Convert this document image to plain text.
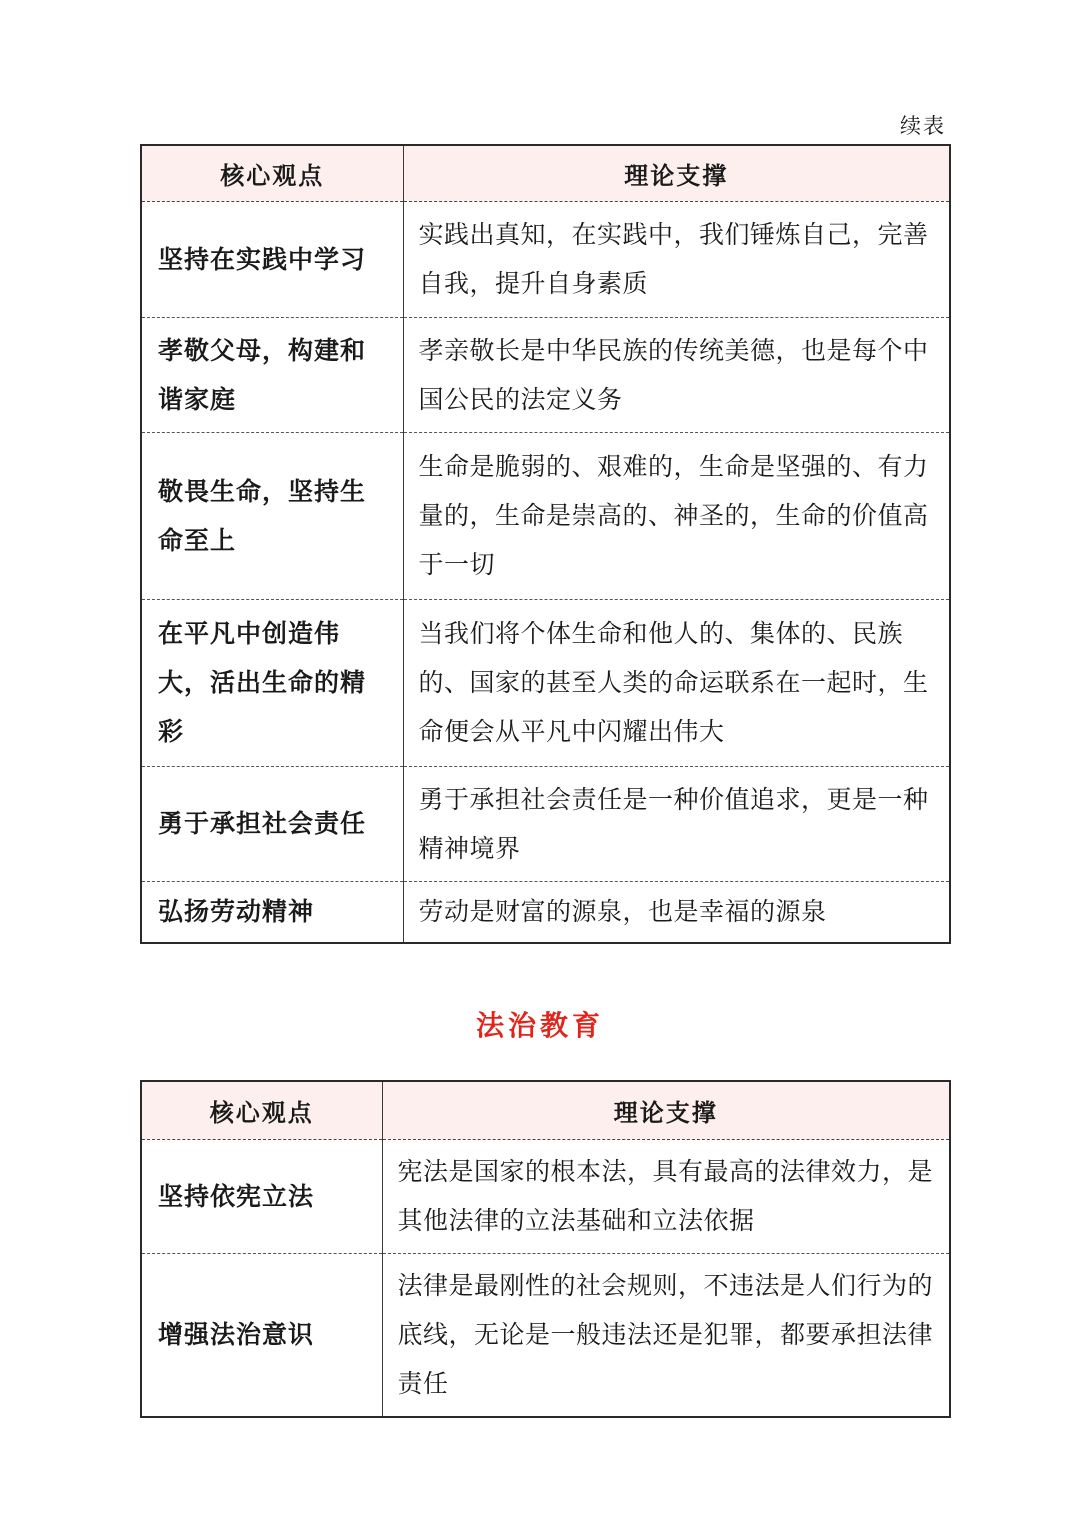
续表
核心观点	理论支撑
坚持在实践中学习	实践出真知，在实践中，我们锤炼自己，完善自我，提升自身素质
孝敬父母，构建和谐家庭	孝亲敬长是中华民族的传统美德，也是每个中国公民的法定义务
敬畏生命，坚持生命至上	生命是脆弱的、艰难的，生命是坚强的、有力量的，生命是崇高的、神圣的，生命的价值高于一切
在平凡中创造伟大，活出生命的精彩	当我们将个体生命和他人的、集体的、民族的、国家的甚至人类的命运联系在一起时，生命便会从平凡中闪耀出伟大
勇于承担社会责任	勇于承担社会责任是一种价值追求，更是一种精神境界
弘扬劳动精神	劳动是财富的源泉，也是幸福的源泉
法治教育
核心观点	理论支撑
坚持依宪立法	宪法是国家的根本法，具有最高的法律效力，是其他法律的立法基础和立法依据
增强法治意识	法律是最刚性的社会规则，不违法是人们行为的底线，无论是一般违法还是犯罪，都要承担法律责任
